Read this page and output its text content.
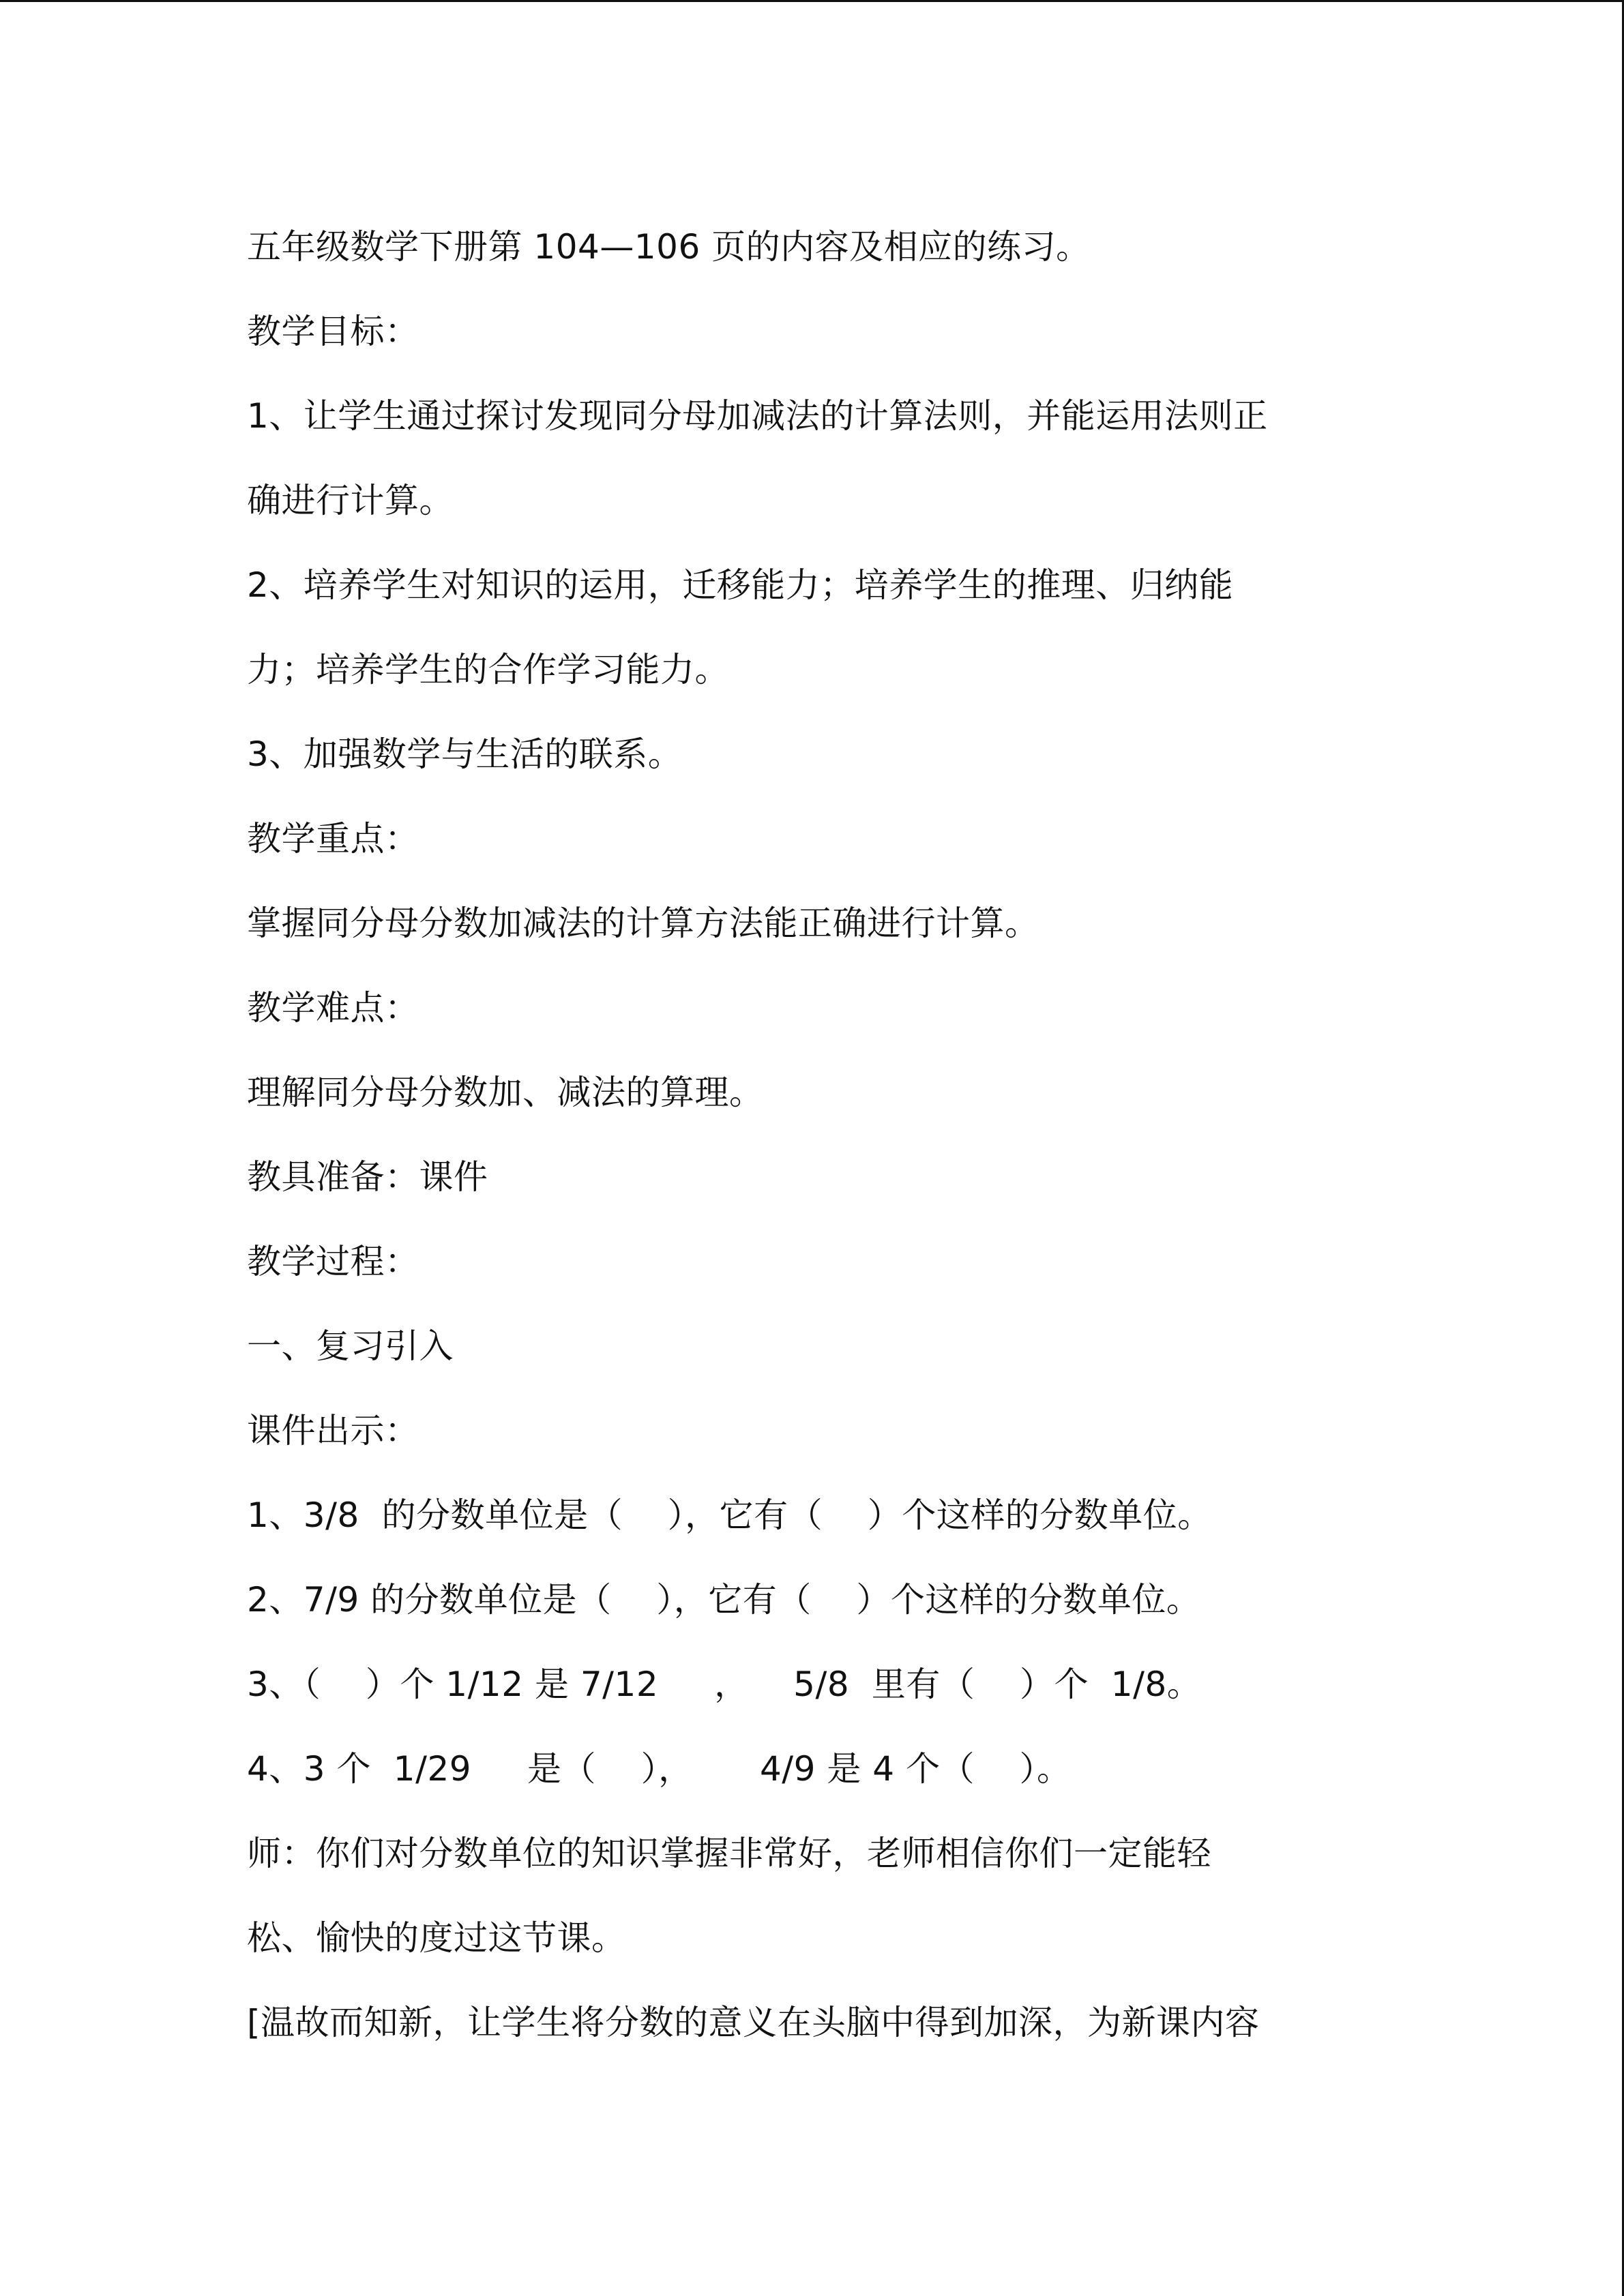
五年级数学下册第 104—106 页的内容及相应的练习。
教学目标：
1、让学生通过探讨发现同分母加减法的计算法则，并能运用法则正
确进行计算。
2、培养学生对知识的运用，迁移能力；培养学生的推理、归纳能
力；培养学生的合作学习能力。
3、加强数学与生活的联系。
教学重点：
掌握同分母分数加减法的计算方法能正确进行计算。
教学难点：
理解同分母分数加、减法的算理。
教具准备：课件
教学过程：
一、复习引入
课件出示：
1、3/8  的分数单位是（    ），它有（    ）个这样的分数单位。
2、7/9 的分数单位是（    ），它有（    ）个这样的分数单位。
3、（    ）个 1/12 是 7/12     ，    5/8  里有（    ）个  1/8。
4、3 个  1/29     是（    ），      4/9 是 4 个（    ）。
师：你们对分数单位的知识掌握非常好，老师相信你们一定能轻
松、愉快的度过这节课。
[温故而知新，让学生将分数的意义在头脑中得到加深，为新课内容
